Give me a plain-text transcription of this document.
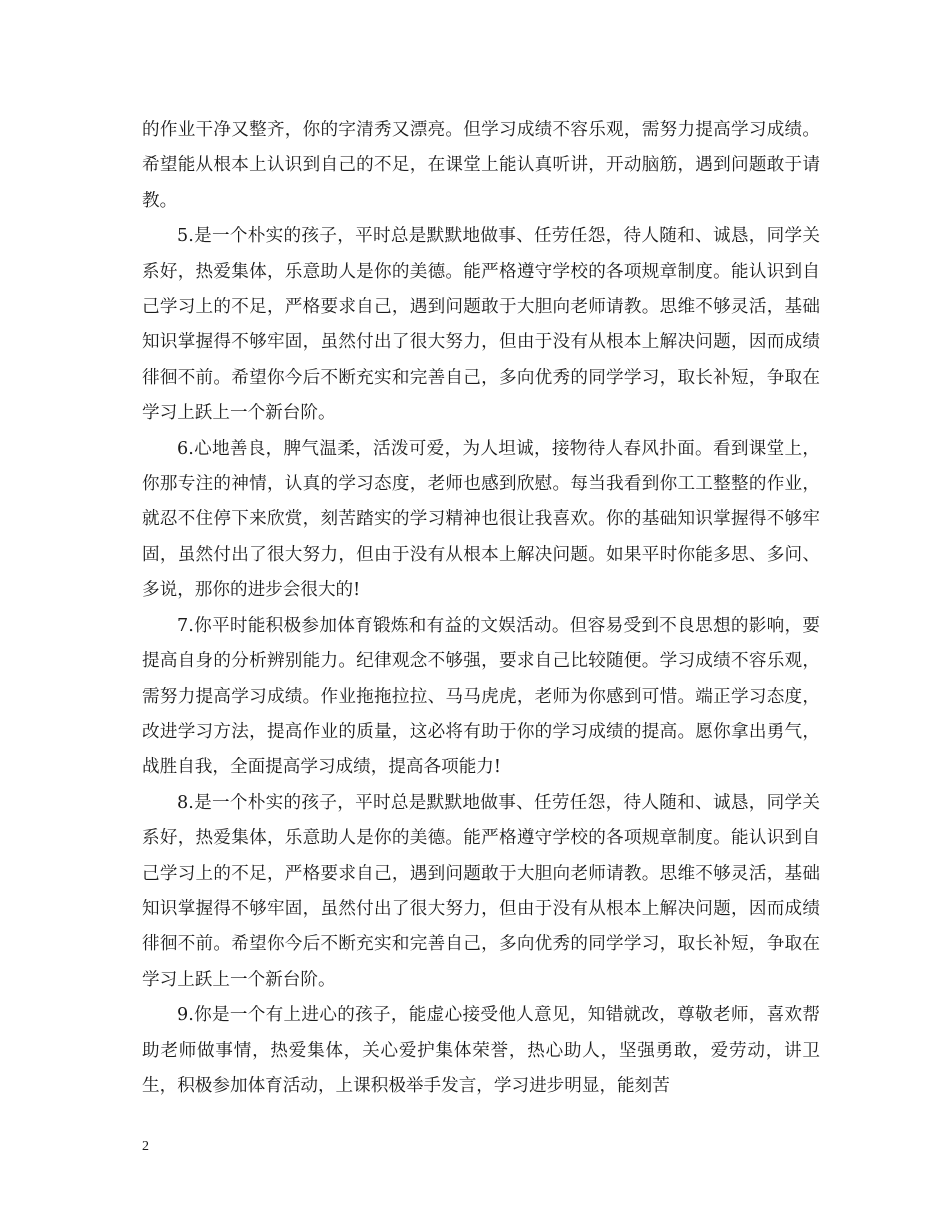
的作业干净又整齐，你的字清秀又漂亮。但学习成绩不容乐观，需努力提高学习成绩。希望能从根本上认识到自己的不足，在课堂上能认真听讲，开动脑筋，遇到问题敢于请教。

5.是一个朴实的孩子，平时总是默默地做事、任劳任怨，待人随和、诚恳，同学关系好，热爱集体，乐意助人是你的美德。能严格遵守学校的各项规章制度。能认识到自己学习上的不足，严格要求自己，遇到问题敢于大胆向老师请教。思维不够灵活，基础知识掌握得不够牢固，虽然付出了很大努力，但由于没有从根本上解决问题，因而成绩徘徊不前。希望你今后不断充实和完善自己，多向优秀的同学学习，取长补短，争取在学习上跃上一个新台阶。

6.心地善良，脾气温柔，活泼可爱，为人坦诚，接物待人春风扑面。看到课堂上，你那专注的神情，认真的学习态度，老师也感到欣慰。每当我看到你工工整整的作业，就忍不住停下来欣赏，刻苦踏实的学习精神也很让我喜欢。你的基础知识掌握得不够牢固，虽然付出了很大努力，但由于没有从根本上解决问题。如果平时你能多思、多问、多说，那你的进步会很大的!

7.你平时能积极参加体育锻炼和有益的文娱活动。但容易受到不良思想的影响，要提高自身的分析辨别能力。纪律观念不够强，要求自己比较随便。学习成绩不容乐观，需努力提高学习成绩。作业拖拖拉拉、马马虎虎，老师为你感到可惜。端正学习态度，改进学习方法，提高作业的质量，这必将有助于你的学习成绩的提高。愿你拿出勇气，战胜自我，全面提高学习成绩，提高各项能力!

8.是一个朴实的孩子，平时总是默默地做事、任劳任怨，待人随和、诚恳，同学关系好，热爱集体，乐意助人是你的美德。能严格遵守学校的各项规章制度。能认识到自己学习上的不足，严格要求自己，遇到问题敢于大胆向老师请教。思维不够灵活，基础知识掌握得不够牢固，虽然付出了很大努力，但由于没有从根本上解决问题，因而成绩徘徊不前。希望你今后不断充实和完善自己，多向优秀的同学学习，取长补短，争取在学习上跃上一个新台阶。

9.你是一个有上进心的孩子，能虚心接受他人意见，知错就改，尊敬老师，喜欢帮助老师做事情，热爱集体，关心爱护集体荣誉，热心助人，坚强勇敢，爱劳动，讲卫生，积极参加体育活动，上课积极举手发言，学习进步明显，能刻苦

2
